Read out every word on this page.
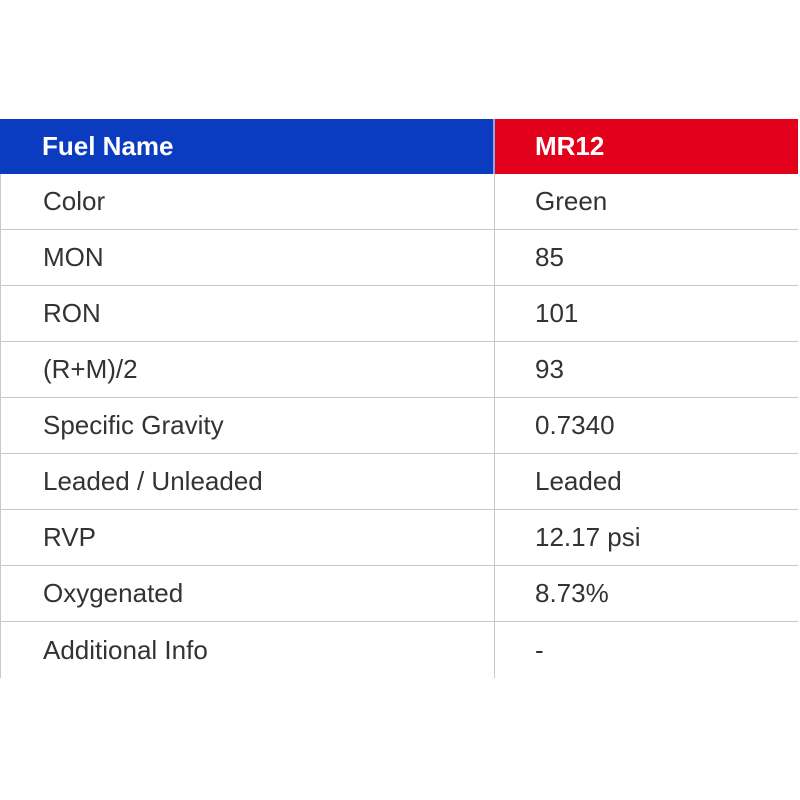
Fuel Name	MR12
Color	Green
MON	85
RON	101
(R+M)/2	93
Specific Gravity	0.7340
Leaded / Unleaded	Leaded
RVP	12.17 psi
Oxygenated	8.73%
Additional Info	-
